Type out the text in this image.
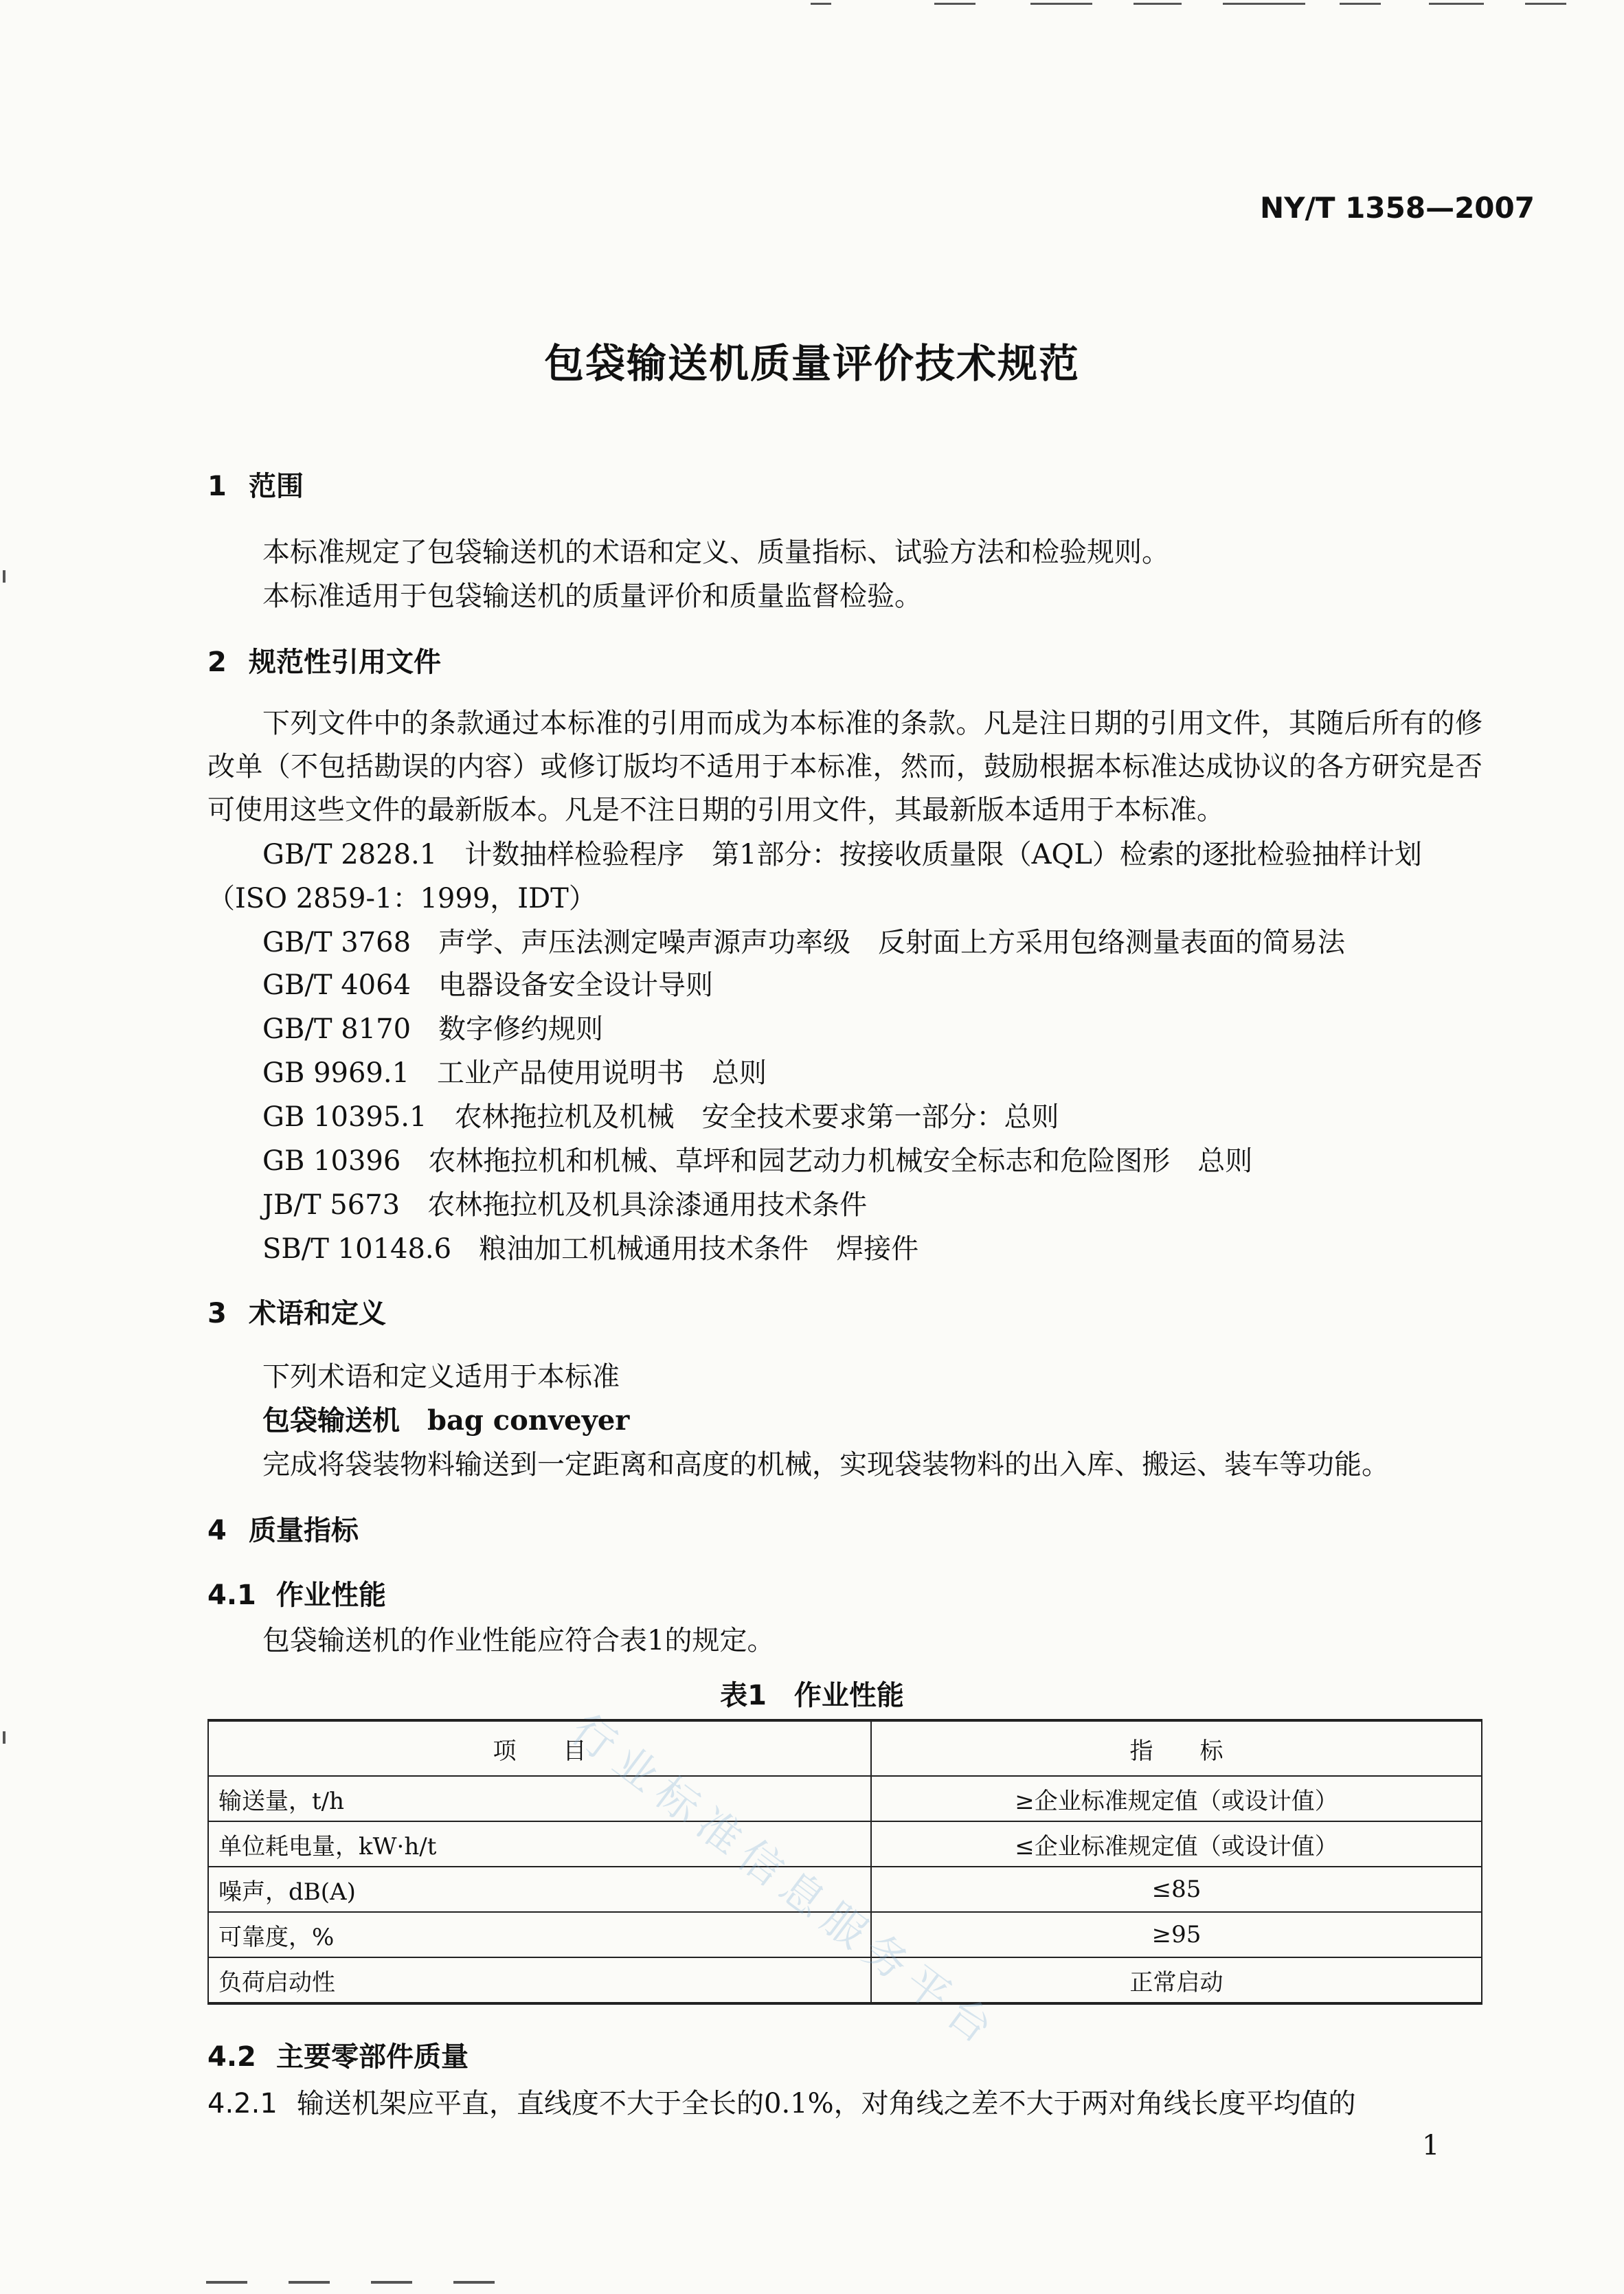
NY/T 1358—2007
包袋输送机质量评价技术规范
1 范围
本标准规定了包袋输送机的术语和定义、质量指标、试验方法和检验规则。
本标准适用于包袋输送机的质量评价和质量监督检验。
2 规范性引用文件
下列文件中的条款通过本标准的引用而成为本标准的条款。凡是注日期的引用文件，其随后所有的修改单（不包括勘误的内容）或修订版均不适用于本标准，然而，鼓励根据本标准达成协议的各方研究是否可使用这些文件的最新版本。凡是不注日期的引用文件，其最新版本适用于本标准。
GB/T 2828.1　 计数抽样检验程序　第1部分：按接收质量限（AQL）检索的逐批检验抽样计划
（ISO 2859-1：1999，IDT）
GB/T 3768　 声学、声压法测定噪声源声功率级　反射面上方采用包络测量表面的简易法
GB/T 4064　 电器设备安全设计导则
GB/T 8170　 数字修约规则
GB 9969.1　 工业产品使用说明书　总则
GB 10395.1　 农林拖拉机及机械　安全技术要求第一部分：总则
GB 10396　 农林拖拉机和机械、草坪和园艺动力机械安全标志和危险图形　总则
JB/T 5673　 农林拖拉机及机具涂漆通用技术条件
SB/T 10148.6　 粮油加工机械通用技术条件　焊接件
3 术语和定义
下列术语和定义适用于本标准
包袋输送机　 bag conveyer
完成将袋装物料输送到一定距离和高度的机械，实现袋装物料的出入库、搬运、装车等功能。
4 质量指标
4.1 作业性能
包袋输送机的作业性能应符合表1的规定。
表1　作业性能
项　　目	指　　标
输送量，t/h	≥企业标准规定值（或设计值）
单位耗电量，kW·h/t	≤企业标准规定值（或设计值）
噪声，dB(A)	≤85
可靠度，%	≥95
负荷启动性	正常启动
行业标准信息服务平台
4.2 主要零部件质量
4.2.1 输送机架应平直，直线度不大于全长的0.1%，对角线之差不大于两对角线长度平均值的
1
